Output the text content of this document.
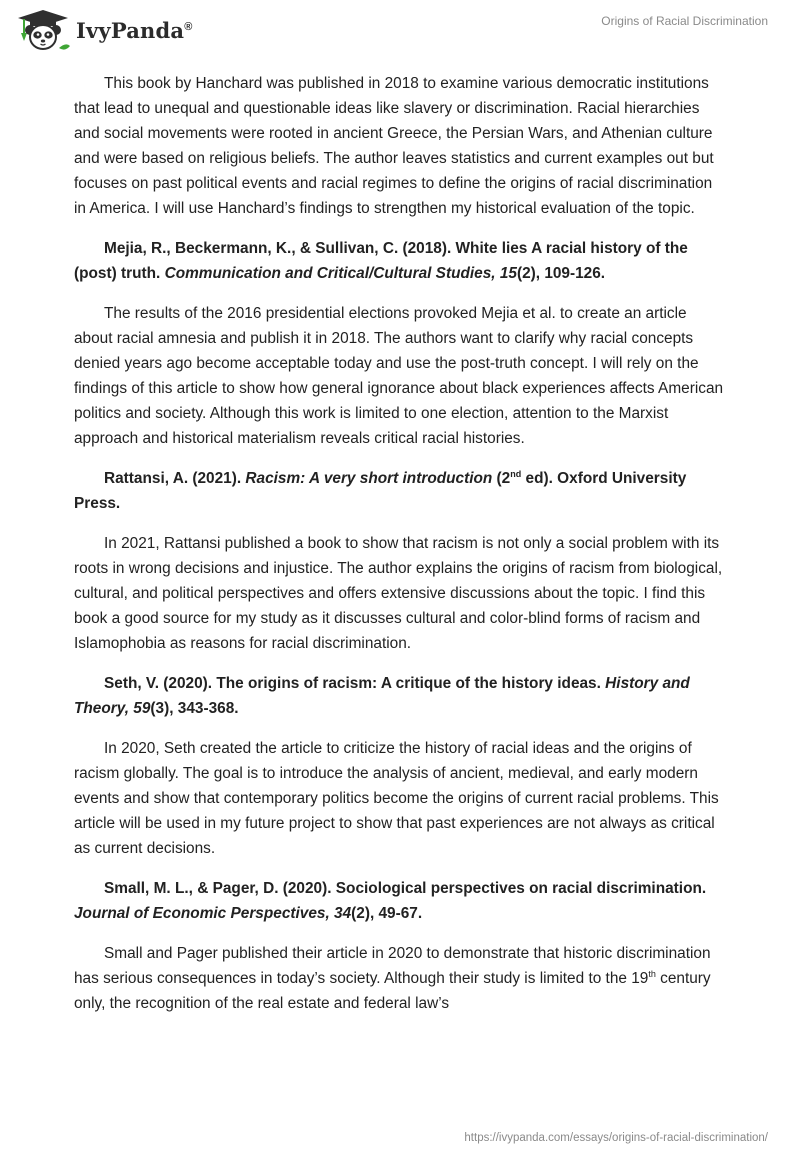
IvyPanda®	Origins of Racial Discrimination

This book by Hanchard was published in 2018 to examine various democratic institutions that lead to unequal and questionable ideas like slavery or discrimination. Racial hierarchies and social movements were rooted in ancient Greece, the Persian Wars, and Athenian culture and were based on religious beliefs. The author leaves statistics and current examples out but focuses on past political events and racial regimes to define the origins of racial discrimination in America. I will use Hanchard’s findings to strengthen my historical evaluation of the topic.

Mejia, R., Beckermann, K., & Sullivan, C. (2018). White lies A racial history of the (post) truth. Communication and Critical/Cultural Studies, 15(2), 109-126.

The results of the 2016 presidential elections provoked Mejia et al. to create an article about racial amnesia and publish it in 2018. The authors want to clarify why racial concepts denied years ago become acceptable today and use the post-truth concept. I will rely on the findings of this article to show how general ignorance about black experiences affects American politics and society. Although this work is limited to one election, attention to the Marxist approach and historical materialism reveals critical racial histories.

Rattansi, A. (2021). Racism: A very short introduction (2nd ed). Oxford University Press.

In 2021, Rattansi published a book to show that racism is not only a social problem with its roots in wrong decisions and injustice. The author explains the origins of racism from biological, cultural, and political perspectives and offers extensive discussions about the topic. I find this book a good source for my study as it discusses cultural and color-blind forms of racism and Islamophobia as reasons for racial discrimination.

Seth, V. (2020). The origins of racism: A critique of the history ideas. History and Theory, 59(3), 343-368.

In 2020, Seth created the article to criticize the history of racial ideas and the origins of racism globally. The goal is to introduce the analysis of ancient, medieval, and early modern events and show that contemporary politics become the origins of current racial problems. This article will be used in my future project to show that past experiences are not always as critical as current decisions.

Small, M. L., & Pager, D. (2020). Sociological perspectives on racial discrimination. Journal of Economic Perspectives, 34(2), 49-67.

Small and Pager published their article in 2020 to demonstrate that historic discrimination has serious consequences in today’s society. Although their study is limited to the 19th century only, the recognition of the real estate and federal law’s

https://ivypanda.com/essays/origins-of-racial-discrimination/
